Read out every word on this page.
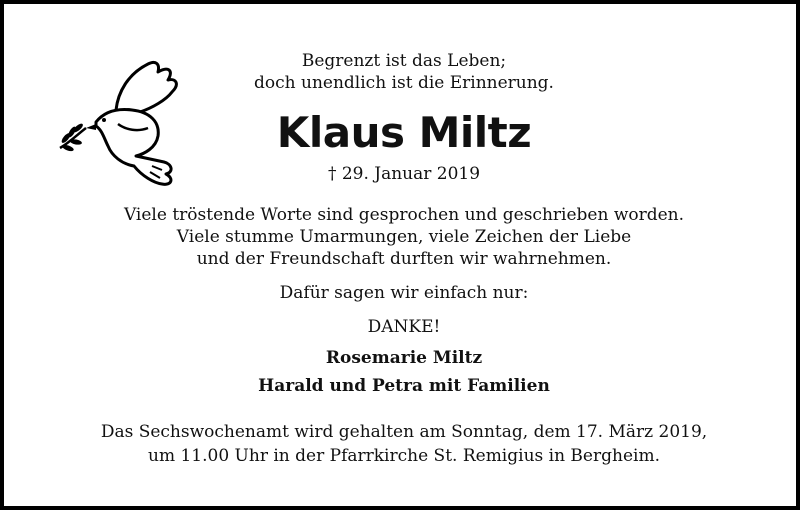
Begrenzt ist das Leben;
doch unendlich ist die Erinnerung.
Klaus Miltz
† 29. Januar 2019
Viele tröstende Worte sind gesprochen und geschrieben worden.
Viele stumme Umarmungen, viele Zeichen der Liebe
und der Freundschaft durften wir wahrnehmen.
Dafür sagen wir einfach nur:
DANKE!
Rosemarie Miltz
Harald und Petra mit Familien
Das Sechswochenamt wird gehalten am Sonntag, dem 17. März 2019,
um 11.00 Uhr in der Pfarrkirche St. Remigius in Bergheim.
